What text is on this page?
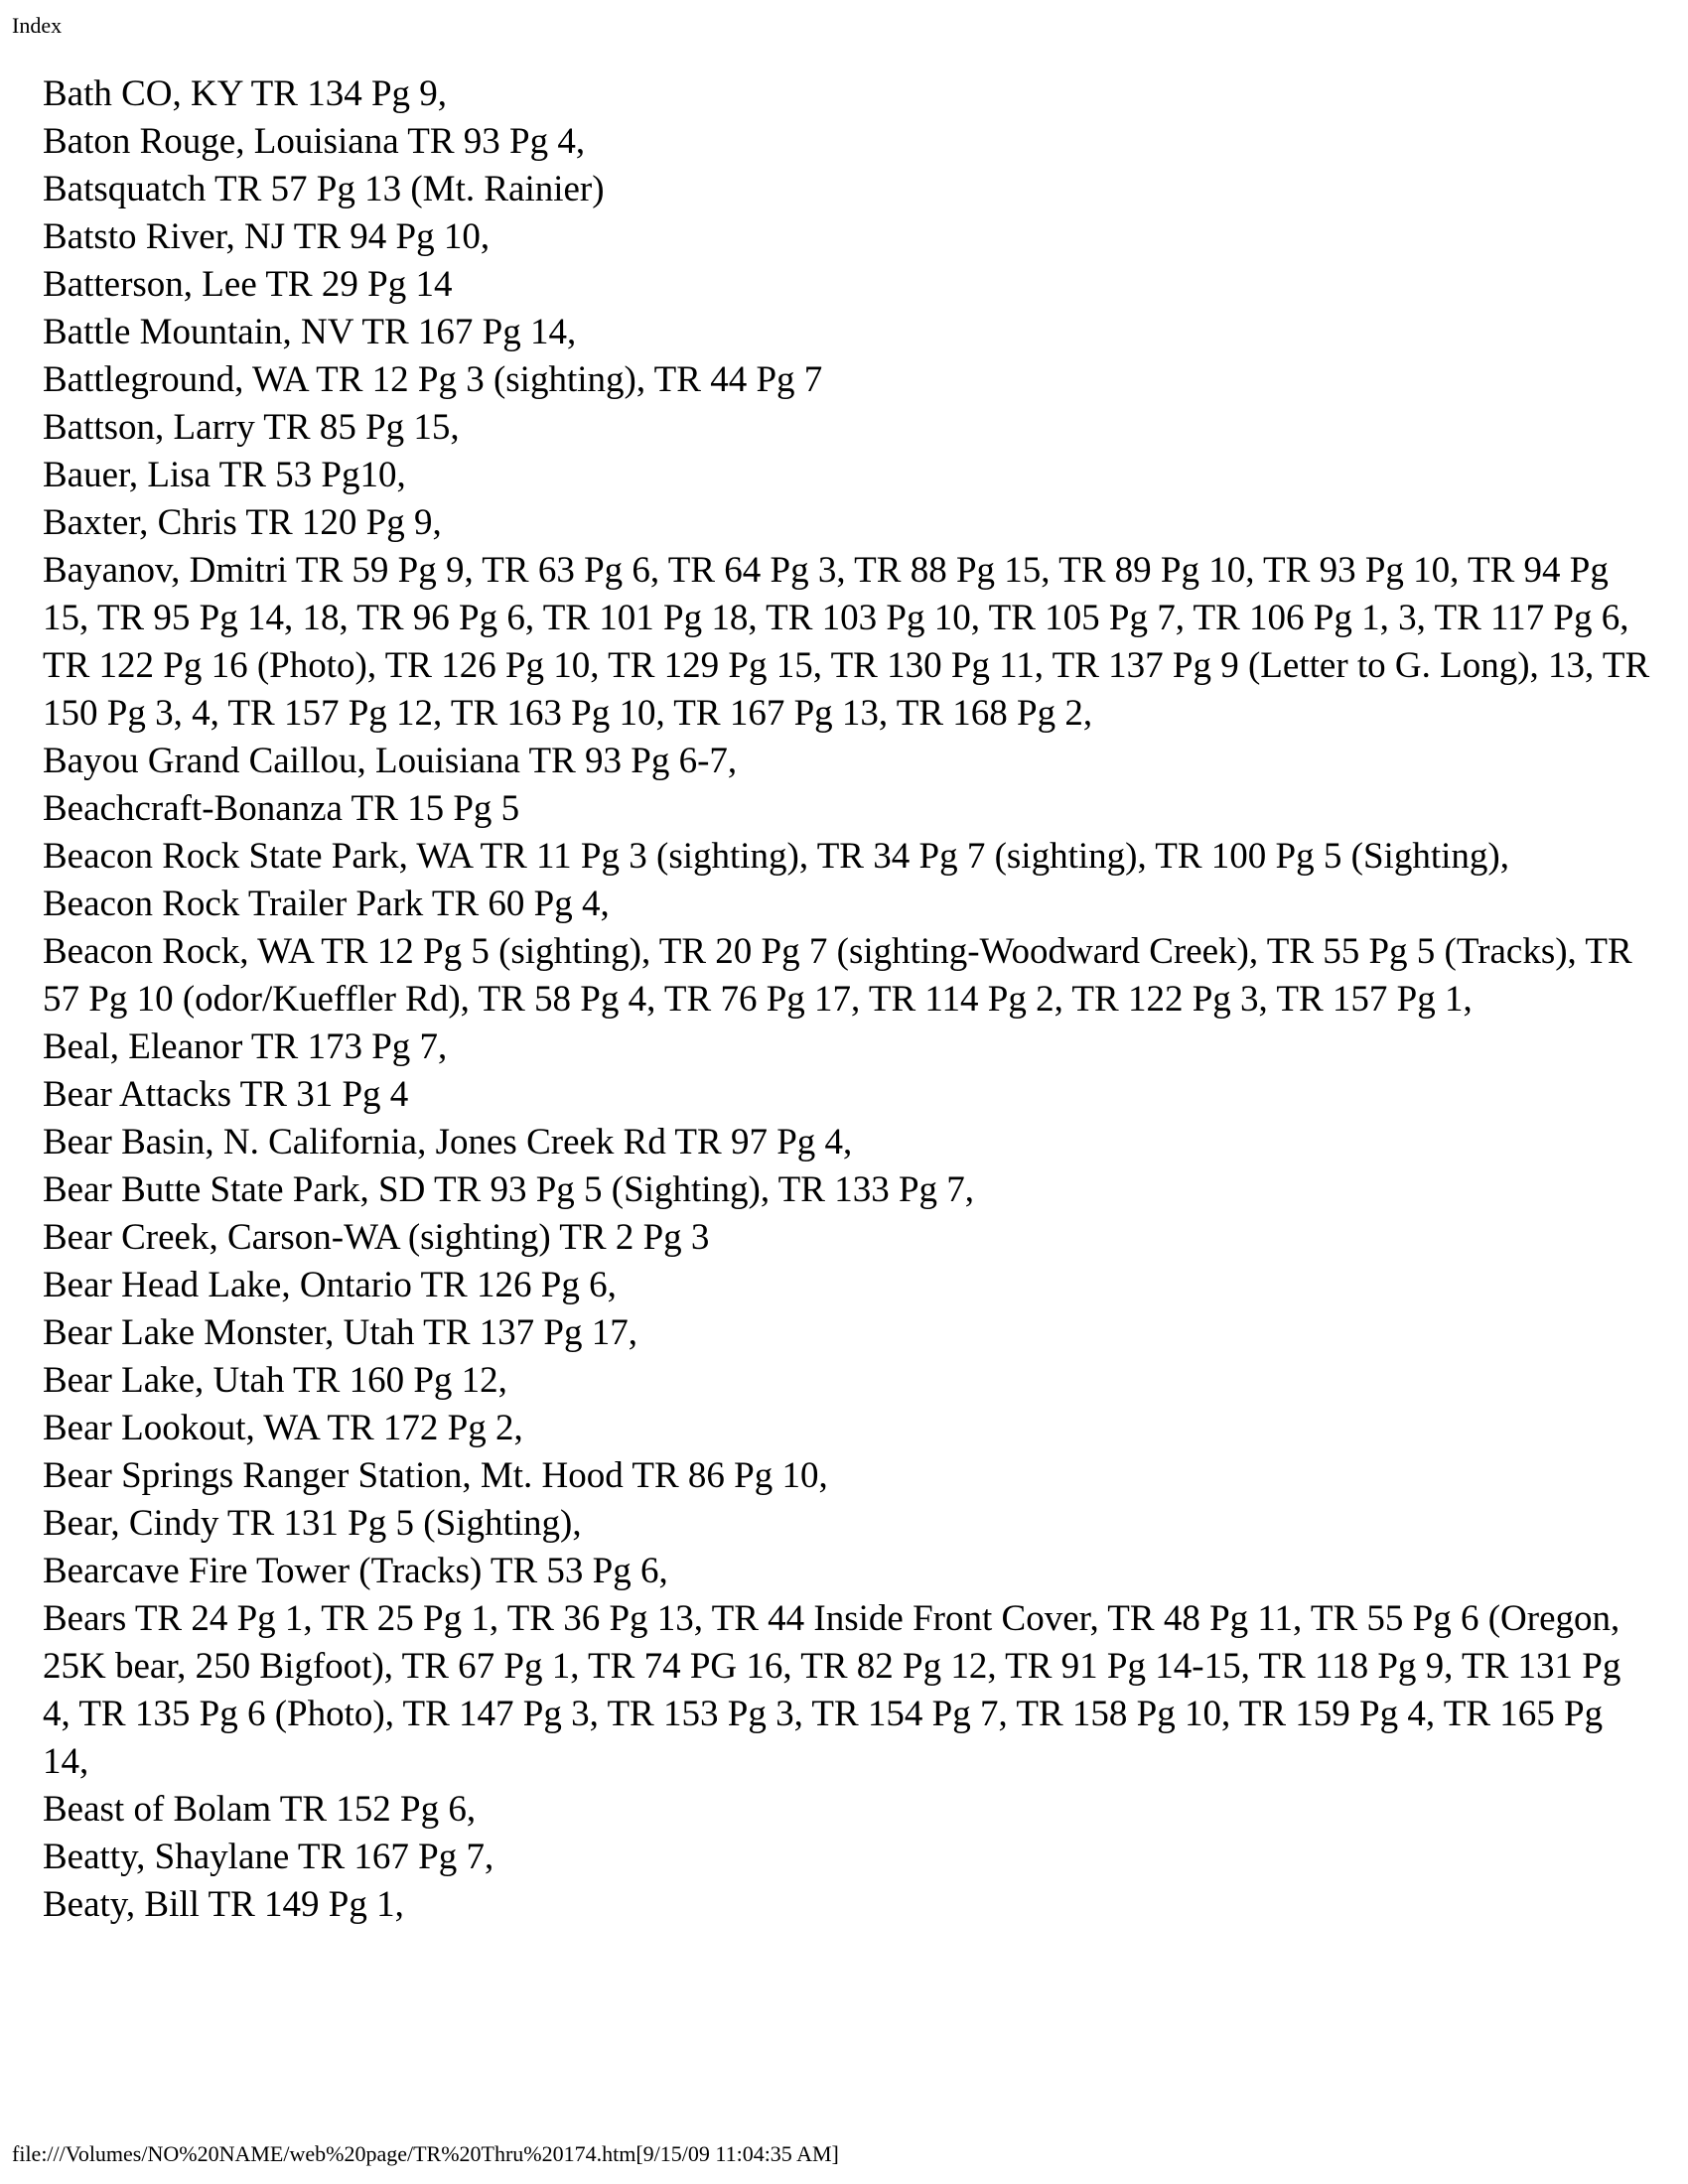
Index
Bath CO, KY TR 134 Pg 9,
Baton Rouge, Louisiana TR 93 Pg 4,
Batsquatch TR 57 Pg 13 (Mt. Rainier)
Batsto River, NJ TR 94 Pg 10,
Batterson, Lee TR 29 Pg 14
Battle Mountain, NV TR 167 Pg 14,
Battleground, WA TR 12 Pg 3 (sighting), TR 44 Pg 7
Battson, Larry TR 85 Pg 15,
Bauer, Lisa TR 53 Pg10,
Baxter, Chris TR 120 Pg 9,
Bayanov, Dmitri TR 59 Pg 9, TR 63 Pg 6, TR 64 Pg 3, TR 88 Pg 15, TR 89 Pg 10, TR 93 Pg 10, TR 94 Pg 15, TR 95 Pg 14, 18, TR 96 Pg 6, TR 101 Pg 18, TR 103 Pg 10, TR 105 Pg 7, TR 106 Pg 1, 3, TR 117 Pg 6, TR 122 Pg 16 (Photo), TR 126 Pg 10, TR 129 Pg 15, TR 130 Pg 11, TR 137 Pg 9 (Letter to G. Long), 13, TR 150 Pg 3, 4, TR 157 Pg 12, TR 163 Pg 10, TR 167 Pg 13, TR 168 Pg 2,
Bayou Grand Caillou, Louisiana TR 93 Pg 6-7,
Beachcraft-Bonanza TR 15 Pg 5
Beacon Rock State Park, WA TR 11 Pg 3 (sighting), TR 34 Pg 7 (sighting), TR 100 Pg 5 (Sighting),
Beacon Rock Trailer Park TR 60 Pg 4,
Beacon Rock, WA TR 12 Pg 5 (sighting), TR 20 Pg 7 (sighting-Woodward Creek), TR 55 Pg 5 (Tracks), TR 57 Pg 10 (odor/Kueffler Rd), TR 58 Pg 4, TR 76 Pg 17, TR 114 Pg 2, TR 122 Pg 3, TR 157 Pg 1,
Beal, Eleanor TR 173 Pg 7,
Bear Attacks TR 31 Pg 4
Bear Basin, N. California, Jones Creek Rd TR 97 Pg 4,
Bear Butte State Park, SD TR 93 Pg 5 (Sighting), TR 133 Pg 7,
Bear Creek, Carson-WA (sighting) TR 2 Pg 3
Bear Head Lake, Ontario TR 126 Pg 6,
Bear Lake Monster, Utah TR 137 Pg 17,
Bear Lake, Utah TR 160 Pg 12,
Bear Lookout, WA TR 172 Pg 2,
Bear Springs Ranger Station, Mt. Hood TR 86 Pg 10,
Bear, Cindy TR 131 Pg 5 (Sighting),
Bearcave Fire Tower (Tracks) TR 53 Pg 6,
Bears TR 24 Pg 1, TR 25 Pg 1, TR 36 Pg 13, TR 44 Inside Front Cover, TR 48 Pg 11, TR 55 Pg 6 (Oregon, 25K bear, 250 Bigfoot), TR 67 Pg 1, TR 74 PG 16, TR 82 Pg 12, TR 91 Pg 14-15, TR 118 Pg 9, TR 131 Pg 4, TR 135 Pg 6 (Photo), TR 147 Pg 3, TR 153 Pg 3, TR 154 Pg 7, TR 158 Pg 10, TR 159 Pg 4, TR 165 Pg 14,
Beast of Bolam TR 152 Pg 6,
Beatty, Shaylane TR 167 Pg 7,
Beaty, Bill TR 149 Pg 1,
file:///Volumes/NO%20NAME/web%20page/TR%20Thru%20174.htm[9/15/09 11:04:35 AM]
